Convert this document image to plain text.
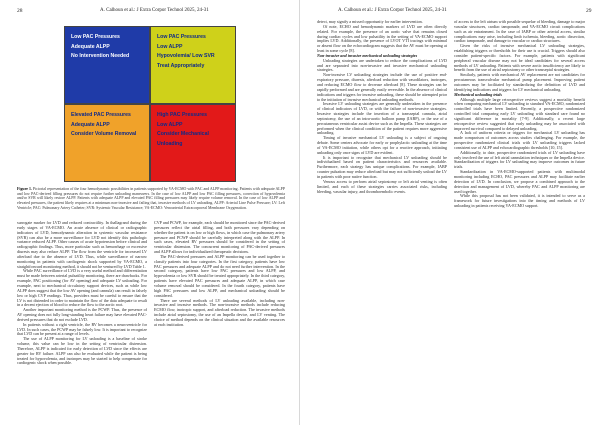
28	A. Calhoun et al.: J Extra Corpor Technol 2025, 24-31
Low PAC Pressures
Adequate ALPP
No Intervention Needed
Low PAC Pressures
Low ALPP
Hypovolemia/ Low SVR
Treat Appropriately
Elevated PAC Pressures
Adequate ALPP
Consider Volume Removal
High PAC Pressures
Low ALPP
Consider Mechanical
Unloading
Figure 1. Pictorial representation of the four hemodynamic possibilities in patients supported by VA-ECMO with PAC and ALPP monitoring. Patients with adequate ALPP and low PAC-derived filling pressures do not require further unloading maneuvers. In the case of low ALPP and low PAC filling pressures, correction of hypovolemia and/or SVR will likely restore ALPP. Patients with adequate ALPP and elevated PAC filling pressures may likely require volume removal. In the case of low ALPP and elevated pressures, the patient likely requires at a minimum non-invasive and failing that, invasive methods of LV unloading. ALPP: Arterial Line Pulse Pressure; LV: Left Ventricle; PAC: Pulmonary Artery Catheter; SVR: Systemic Vascular Resistance; VA-ECMO: Venoarterial Extracorporeal Membrane Oxygenation.

surrogate marker for LVD and reduced contractility. In thallagrand during the early stages of VA-ECMO. An acute absence of clinical or radiographic indicators of LVD, hemodynamic alteration in systemic vascular resistance (SVR) can also be a more surveillance for LVD not identify this pathologic variance reduced ALPP. Other causes of acute hypotension before clinical and radiographic findings. Thus, more particular such as hemorrhage or excessive diuresis may also reduce ALPP. The flow from the ventricle for increased LV afterload due to the absence of LVD. Thus, while surveillance of narrow monitoring in patients with cardiogenic shock supported by VA-ECMO, a straightforward monitoring method, it should not be ventured by LVD Table 1.

While PAC surveillance of LVD is a very useful method and differentiation must be made between arterial pulsatility monitoring, there are drawbacks. For example, PAC positioning (for AV opening) and adequate LV unloading. For example, next to mechanical circulatory support devices, such as while low ALPP does suggest that the low AV opening (and cannula) can result in falsely low or high CVP readings. Thus, providers must be careful to ensure that the LV is not distended in order to maintain the flow of the data adequate to result in a decent ejection of blood to reduce the flow to the aortic root.

Another important monitoring method is the PCWP. Thus, the presence of AV opening does not fully long-standing heart failure may have elevated PAC-derived pressures that do not exclude LVD.

In patients without a right ventricle, the RV becomes a neuroventricle for LVD. In such cases, the PCWP may be falsely low. It is important to recognize that LVD can be present at a range of levels.

The use of ALPP monitoring for LV unloading is a baseline of stroke volume, this value can be low in the setting of ventricular distension. Therefore, ALPP is indicated for early detection of LVD since the effects are greater for RV failure. ALPP can also be evaluated while the patient is being treated for hypovolemia, and inotropes may be started to help compensate for cardiogenic shock when possible.

CVP and PCWP, for example, each should be monitored since the PAC-derived pressures reflect the atrial filling, and both pressures vary depending on whether the patient is on low or high flows, in which case the pulmonary artery pressure and PCWP should be carefully interpreted along with the ALPP. In such cases, elevated RV pressures should be considered in the setting of ventricular distension. The concurrent monitoring of PAC-derived pressures and ALPP allows for individualized therapeutic decisions.

The PAC-derived pressures and ALPP monitoring can be used together to classify patients into four categories. In the first category, patients have low PAC pressures and adequate ALPP and do not need further intervention. In the second category, patients have low PAC pressures and low ALPP, and hypovolemia or low SVR should be treated appropriately. In the third category, patients have elevated PAC pressures and adequate ALPP, in which case volume removal should be considered. In the fourth category, patients have high PAC pressures and low ALPP, and mechanical unloading should be considered.

There are several methods of LV unloading available, including non-invasive and invasive methods. The non-invasive methods include reducing ECMO flow, inotropic support, and afterload reduction. The invasive methods include atrial septostomy, the use of an Impella device, and LV venting. The choice of method depends on the clinical situation and the available resources at each institution.

A. Calhoun et al.: J Extra Corpor Technol 2025, 24-31	29

detect, may signify a missed opportunity for earlier intervention.

Of note, ECHO and hemodynamic markers of LVD are often directly related. For example, the presence of an aortic valve that remains closed during cardiac cycles and low pulsatility in the setting of VA-ECMO support implies LVD. Additionally, the presence of LVOT VTI tracings with minimal or absent flow on the echocardiogram suggests that the AV must be opening at least in some cycle [8].

Non-invasive and invasive mechanical unloading strategies

Unloading strategies are undertaken to reduce the complications of LVD and are separated into non-invasive and invasive mechanical unloading strategies.

Non-invasive LV unloading strategies include the use of positive end-expiratory pressure, diuresis, afterload reduction with vasodilators, inotropes, and reducing ECMO flow to decrease afterload [8]. These strategies can be rapidly performed and are generally easily reversible. In the absence of clinical indications and triggers for invasive unloading, these should be attempted prior to the initiation of invasive mechanical unloading methods.

Invasive LV unloading strategies are generally undertaken in the presence of clinical indicators of LVD, or with the failure of non-invasive strategies. Invasive strategies include the insertion of a transseptal cannula, atrial septostomy, the use of an intra-aortic balloon pump (IABP), or the use of a percutaneous ventricular assist device such as the Impella. These strategies are performed when the clinical condition of the patient requires more aggressive unloading.

Timing of invasive mechanical LV unloading is a subject of ongoing debate. Some centers advocate for early or prophylactic unloading at the time of VA-ECMO initiation, while others opt for a reactive approach, initiating unloading only once signs of LVD are evident.

It is important to recognize that mechanical LV unloading should be individualized based on patient characteristics and resources available. Furthermore, each strategy has unique complications. For example, IABP counter pulsation may reduce afterload but may not sufficiently unload the LV in patients with poor native function.

Venous access to perform atrial septostomy or left atrial venting is often limited, and each of these strategies carries associated risks, including bleeding, vascular injury, and thromboembolic events.

of access to the left atrium with possible sequelae of bleeding, damage to major vascular structures, cardiac tamponade, and VA-ECMO circuit complications such as air entrainment. In the case of IABP or other arterial access, similar complications may arise, including limb ischemia, bleeding, aortic dissection, cardiac tamponade, and damage to vascular or cardiac structures.

Given the risks of invasive mechanical LV unloading strategies, establishing triggers or thresholds for their use is crucial. Triggers should also consider patient-specific factors. For example, patients with significant peripheral vascular disease may not be ideal candidates for several access methods of LV unloading. Patients with severe aortic insufficiency are likely to benefit from the use of atrial septostomy or other transseptal strategies.

Similarly, patients with mechanical AV replacement are not candidates for percutaneous transvalvular mechanical pump placement. Improving patient outcomes may be facilitated by standardizing the definition of LVD and identifying indications and triggers for LV mechanical unloading.

Mechanical unloading trials

Although multiple large retrospective reviews suggest a mortality benefit when comparing mechanical LV unloading to standard VA-ECMO, randomized controlled trials have been limited. Recently, a prospective randomized controlled trial comparing early LV unloading with standard care found no significant difference in mortality [7-9]. Additionally, a recent large retrospective review suggested that early unloading may be associated with improved survival compared to delayed unloading.

A lack of uniform criteria or triggers for mechanical LV unloading has made comparison of outcomes across studies challenging. For example, the prospective randomized clinical trials with LV unloading triggers lacked consistent use of ALPP and echocardiographic thresholds [10, 15].

Additionally, to date, prospective randomized trials of LV unloading have only involved the use of left atrial cannulation techniques or the Impella device. Standardization of triggers for LV unloading may improve outcomes in future trials.

Standardization in VA-ECMO-supported patients with multimodal monitoring including ECHO, PAC pressures and ALPP may facilitate earlier detection of LVD. In conclusion, we propose a combined approach to the detection and management of LVD, whereby PAC and ALPP monitoring are used together.

While this proposal has not been validated, it is intended to serve as a framework for future investigations into the timing and methods of LV unloading in patients receiving VA-ECMO support.
